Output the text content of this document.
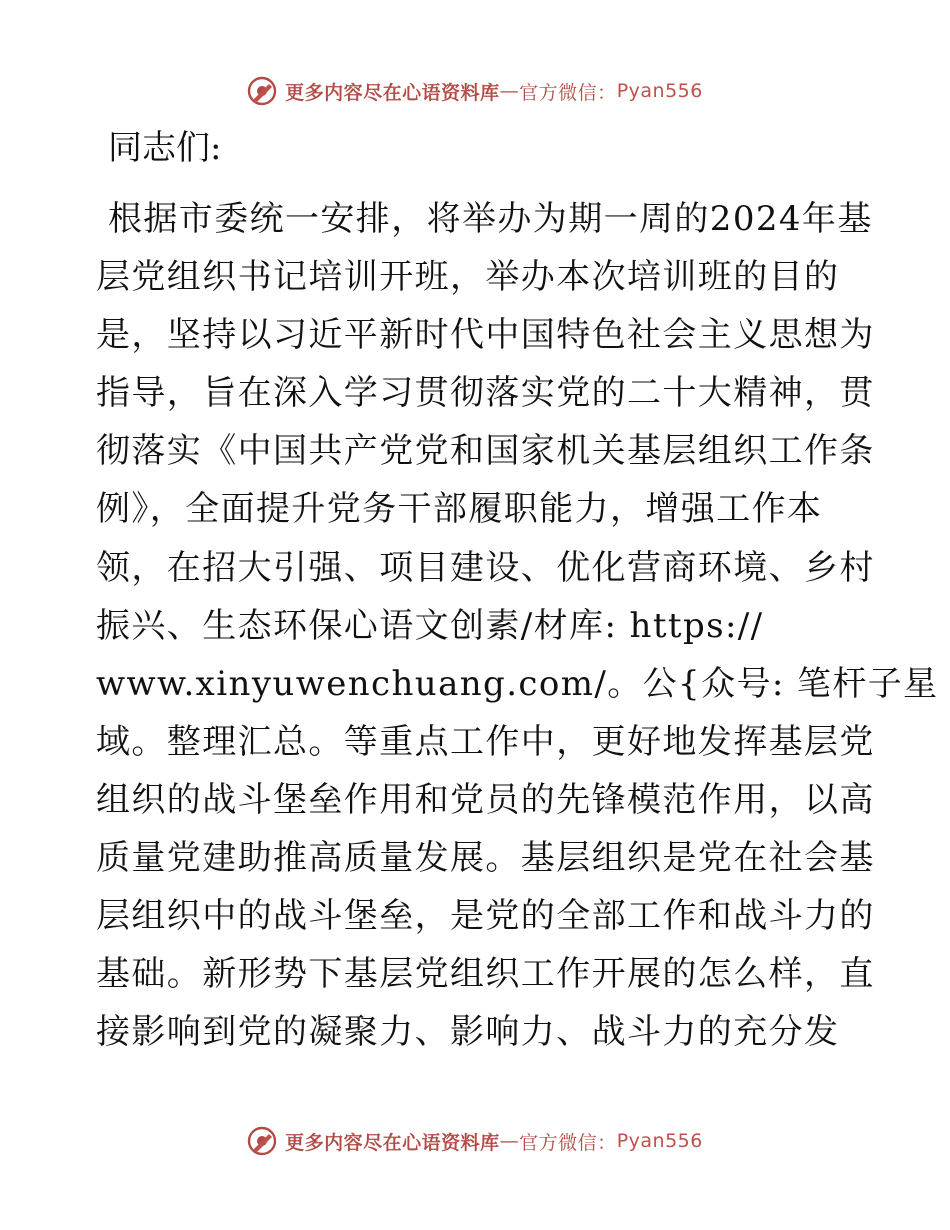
更多内容尽在心语资料库 — 官方微信： Pyan556

同志们:

根据市委统一安排，将举办为期一周的2024年基

层党组织书记培训开班，举办本次培训班的目的

是，坚持以习近平新时代中国特色社会主义思想为

指导，旨在深入学习贯彻落实党的二十大精神，贯

彻落实《中国共产党党和国家机关基层组织工作条

例》，全面提升党务干部履职能力，增强工作本

领，在招大引强、项目建设、优化营商环境、乡村

振兴、生态环保心语文创素/材库: https://

www.xinyuwenchuang.com/。公{众号: 笔杆子星

域。整理汇总。等重点工作中，更好地发挥基层党

组织的战斗堡垒作用和党员的先锋模范作用，以高

质量党建助推高质量发展。基层组织是党在社会基

层组织中的战斗堡垒，是党的全部工作和战斗力的

基础。新形势下基层党组织工作开展的怎么样，直

接影响到党的凝聚力、影响力、战斗力的充分发

更多内容尽在心语资料库 — 官方微信： Pyan556
